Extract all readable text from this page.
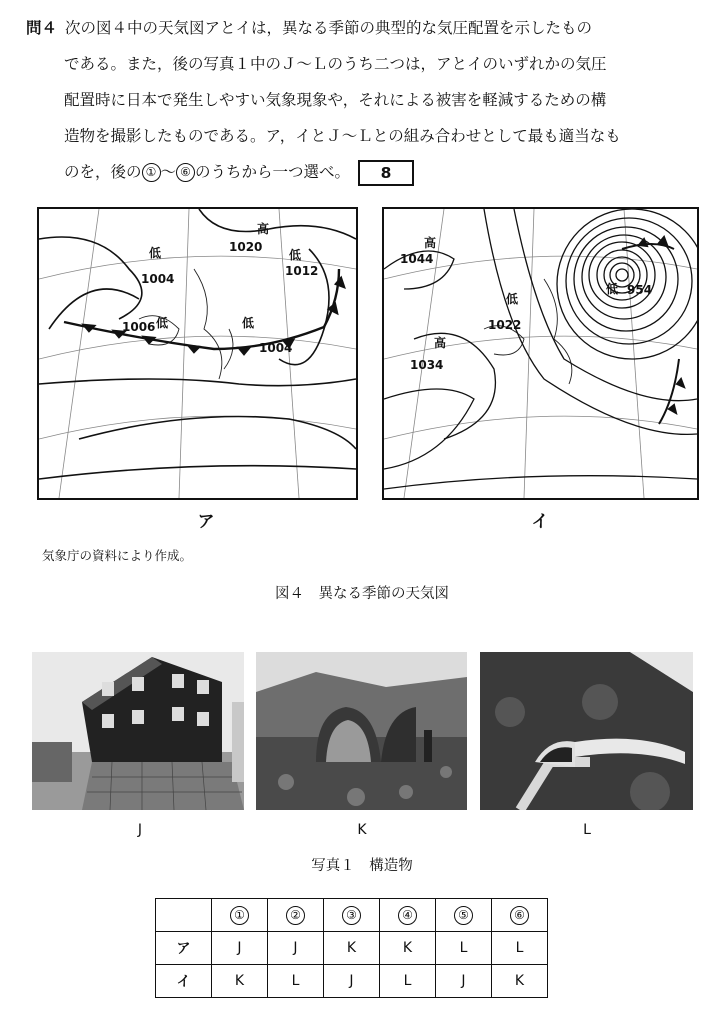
問４ 次の図４中の天気図アとイは，異なる季節の典型的な気圧配置を示したもの
である。また，後の写真１中のＪ～Ｌのうち二つは，アとイのいずれかの気圧
配置時に日本で発生しやすい気象現象や，それによる被害を軽減するための構
造物を撮影したものである。ア，イとＪ～Ｌとの組み合わせとして最も適当なも
のを，後の ① ～ ⑥ のうちから一つ選べ。 8
高
1020
低
1004
低
1012
1006 低	低
1004
ア
高
1044
低
1022
高
1034
低 954
イ
気象庁の資料により作成。
図４　異なる季節の天気図
J	K	L
写真１　構造物
	①	②	③	④	⑤	⑥
ア	J	J	K	K	L	L
イ	K	L	J	L	J	K
